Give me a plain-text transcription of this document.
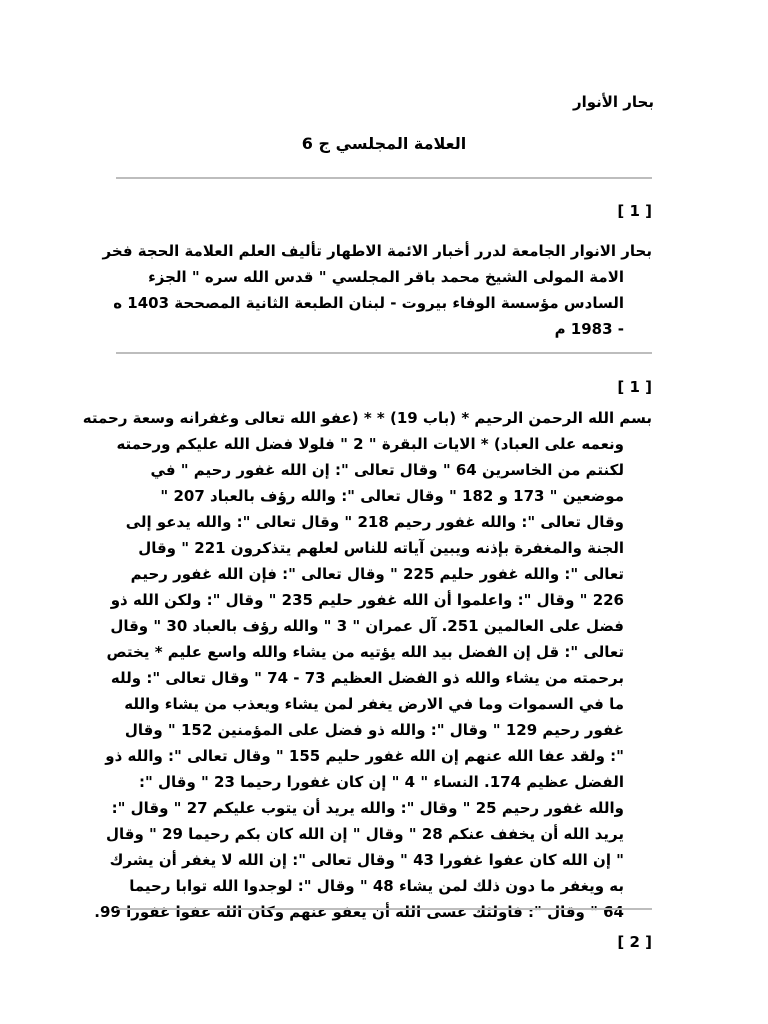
بحار الأنوار
العلامة المجلسي ج 6
[ 1 ]
بحار الانوار الجامعة لدرر أخبار الائمة الاطهار تأليف العلم العلامة الحجة فخر
الامة المولى الشيخ محمد باقر المجلسي " قدس الله سره " الجزء
السادس مؤسسة الوفاء بيروت - لبنان الطبعة الثانية المصححة 1403 ه
- 1983 م
[ 1 ]
بسم الله الرحمن الرحيم * (باب 19) * * (عفو الله تعالى وغفرانه وسعة رحمته
ونعمه على العباد) * الايات البقرة " 2 " فلولا فضل الله عليكم ورحمته
لكنتم من الخاسرين 64 " وقال تعالى ": إن الله غفور رحيم " في
موضعين " 173 و 182 " وقال تعالى ": والله رؤف بالعباد 207 "
وقال تعالى ": والله غفور رحيم 218 " وقال تعالى ": والله يدعو إلى
الجنة والمغفرة بإذنه ويبين آياته للناس لعلهم يتذكرون 221 " وقال
تعالى ": والله غفور حليم 225 " وقال تعالى ": فإن الله غفور رحيم
226 " وقال ": واعلموا أن الله غفور حليم 235 " وقال ": ولكن الله ذو
فضل على العالمين 251. آل عمران " 3 " والله رؤف بالعباد 30 " وقال
تعالى ": قل إن الفضل بيد الله يؤتيه من يشاء والله واسع عليم * يختص
برحمته من يشاء والله ذو الفضل العظيم 73 - 74 " وقال تعالى ": ولله
ما في السموات وما في الارض يغفر لمن يشاء ويعذب من يشاء والله
غفور رحيم 129 " وقال ": والله ذو فضل على المؤمنين 152 " وقال
": ولقد عفا الله عنهم إن الله غفور حليم 155 " وقال تعالى ": والله ذو
الفضل عظيم 174. النساء " 4 " إن كان غفورا رحيما 23 " وقال ":
والله غفور رحيم 25 " وقال ": والله يريد أن يتوب عليكم 27 " وقال ":
يريد الله أن يخفف عنكم 28 " وقال " إن الله كان بكم رحيما 29 " وقال
" إن الله كان عفوا غفورا 43 " وقال تعالى ": إن الله لا يغفر أن يشرك
به ويغفر ما دون ذلك لمن يشاء 48 " وقال ": لوجدوا الله توابا رحيما
64 " وقال ": فاولئك عسى الله أن يعفو عنهم وكان الله عفوا غفورا 99.
[ 2 ]
